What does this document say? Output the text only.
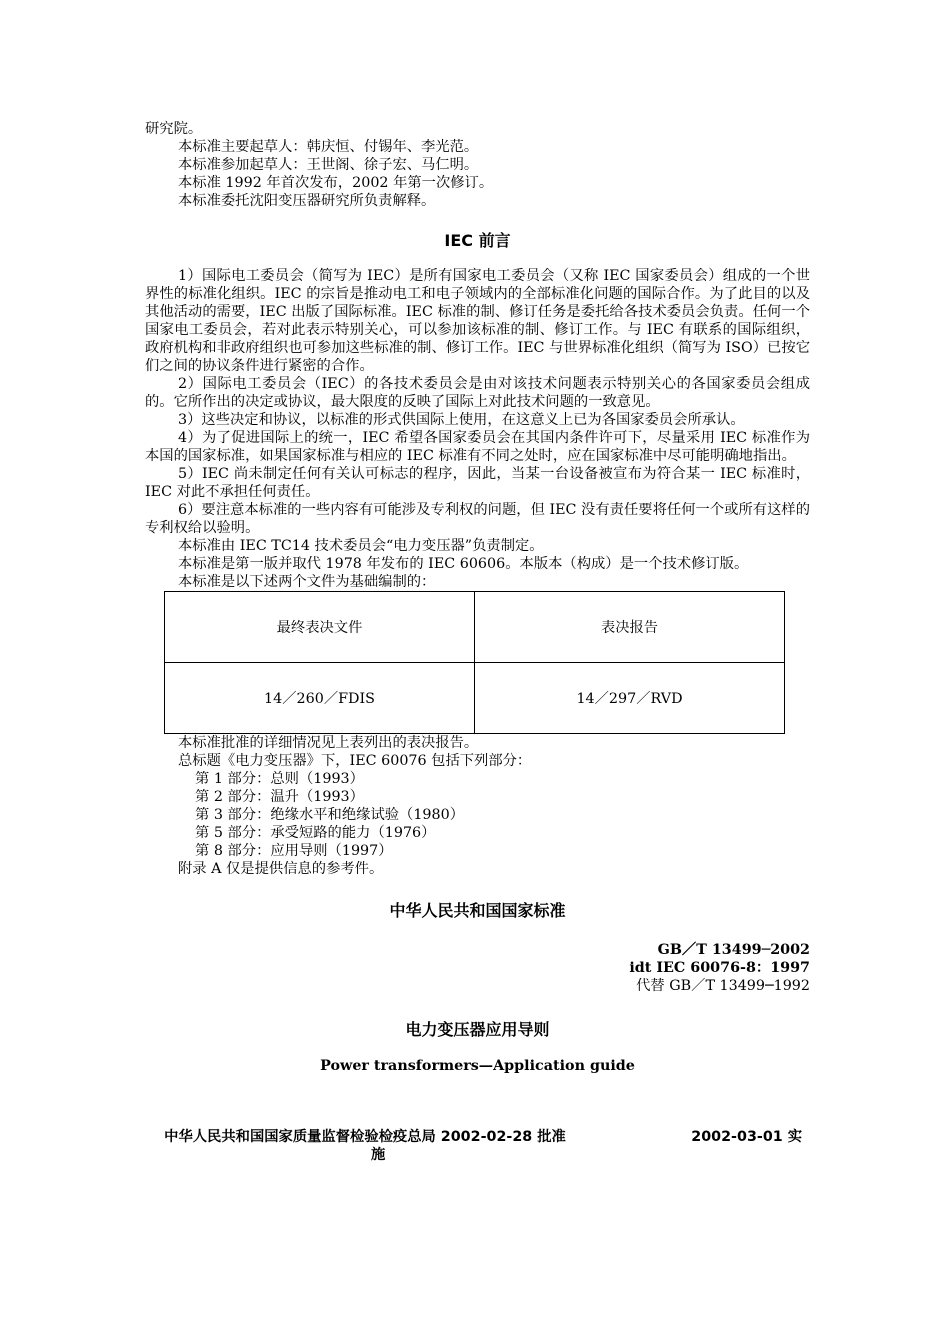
研究院。

本标准主要起草人：韩庆恒、付锡年、李光范。

本标准参加起草人：王世阁、徐子宏、马仁明。

本标准 1992 年首次发布，2002 年第一次修订。

本标准委托沈阳变压器研究所负责解释。

IEC 前言

1）国际电工委员会（简写为 IEC）是所有国家电工委员会（又称 IEC 国家委员会）组成的一个世界性的标准化组织。IEC 的宗旨是推动电工和电子领域内的全部标准化问题的国际合作。为了此目的以及其他活动的需要，IEC 出版了国际标准。IEC 标准的制、修订任务是委托给各技术委员会负责。任何一个国家电工委员会，若对此表示特别关心，可以参加该标准的制、修订工作。与 IEC 有联系的国际组织，政府机构和非政府组织也可参加这些标准的制、修订工作。IEC 与世界标准化组织（简写为 ISO）已按它们之间的协议条件进行紧密的合作。

2）国际电工委员会（IEC）的各技术委员会是由对该技术问题表示特别关心的各国家委员会组成的。它所作出的决定或协议，最大限度的反映了国际上对此技术问题的一致意见。

3）这些决定和协议，以标准的形式供国际上使用，在这意义上已为各国家委员会所承认。

4）为了促进国际上的统一，IEC 希望各国家委员会在其国内条件许可下，尽量采用 IEC 标准作为本国的国家标准，如果国家标准与相应的 IEC 标准有不同之处时，应在国家标准中尽可能明确地指出。

5）IEC 尚未制定任何有关认可标志的程序，因此，当某一台设备被宣布为符合某一 IEC 标准时，IEC 对此不承担任何责任。

6）要注意本标准的一些内容有可能涉及专利权的问题，但 IEC 没有责任要将任何一个或所有这样的专利权给以验明。

本标准由 IEC TC14 技术委员会“电力变压器”负责制定。

本标准是第一版并取代 1978 年发布的 IEC 60606。本版本（构成）是一个技术修订版。

本标准是以下述两个文件为基础编制的：

最终表决文件	表决报告
14／260／FDIS	14／297／RVD

本标准批准的详细情况见上表列出的表决报告。

总标题《电力变压器》下，IEC 60076 包括下列部分：

第 1 部分：总则（1993）

第 2 部分：温升（1993）

第 3 部分：绝缘水平和绝缘试验（1980）

第 5 部分：承受短路的能力（1976）

第 8 部分：应用导则（1997）

附录 A 仅是提供信息的参考件。

中华人民共和国国家标准
GB／T 13499─2002
idt IEC 60076-8：1997
代替 GB／T 13499─1992
电力变压器应用导则
Power transformers—Application guide
中华人民共和国国家质量监督检验检疫总局 2002-02-28 批准
施
2002-03-01 实
